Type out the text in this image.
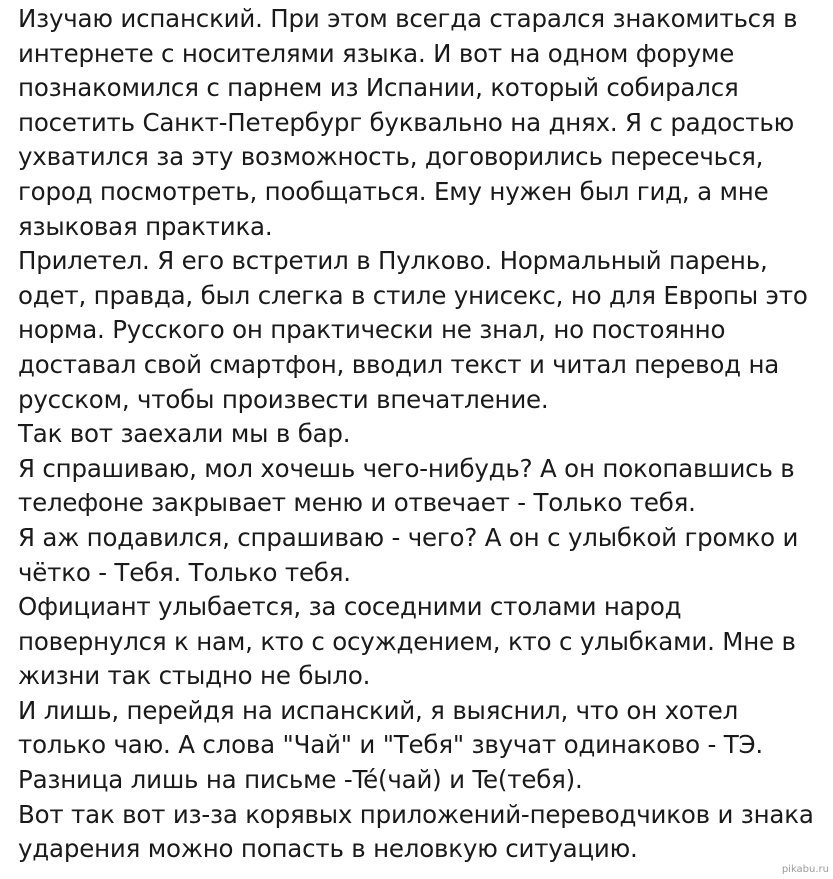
Изучаю испанский. При этом всегда старался знакомиться в
интернете с носителями языка. И вот на одном форуме
познакомился с парнем из Испании, который собирался
посетить Санкт-Петербург буквально на днях. Я с радостью
ухватился за эту возможность, договорились пересечься,
город посмотреть, пообщаться. Ему нужен был гид, а мне
языковая практика.
Прилетел. Я его встретил в Пулково. Нормальный парень,
одет, правда, был слегка в стиле унисекс, но для Европы это
норма. Русского он практически не знал, но постоянно
доставал свой смартфон, вводил текст и читал перевод на
русском, чтобы произвести впечатление.
Так вот заехали мы в бар.
Я спрашиваю, мол хочешь чего-нибудь? А он покопавшись в
телефоне закрывает меню и отвечает - Только тебя.
Я аж подавился, спрашиваю - чего? А он с улыбкой громко и
чётко - Тебя. Только тебя.
Официант улыбается, за соседними столами народ
повернулся к нам, кто с осуждением, кто с улыбками. Мне в
жизни так стыдно не было.
И лишь, перейдя на испанский, я выяснил, что он хотел
только чаю. А слова "Чай" и "Тебя" звучат одинаково - ТЭ.
Разница лишь на письме -Té(чай) и Te(тебя).
Вот так вот из-за корявых приложений-переводчиков и знака
ударения можно попасть в неловкую ситуацию.
pikabu.ru
